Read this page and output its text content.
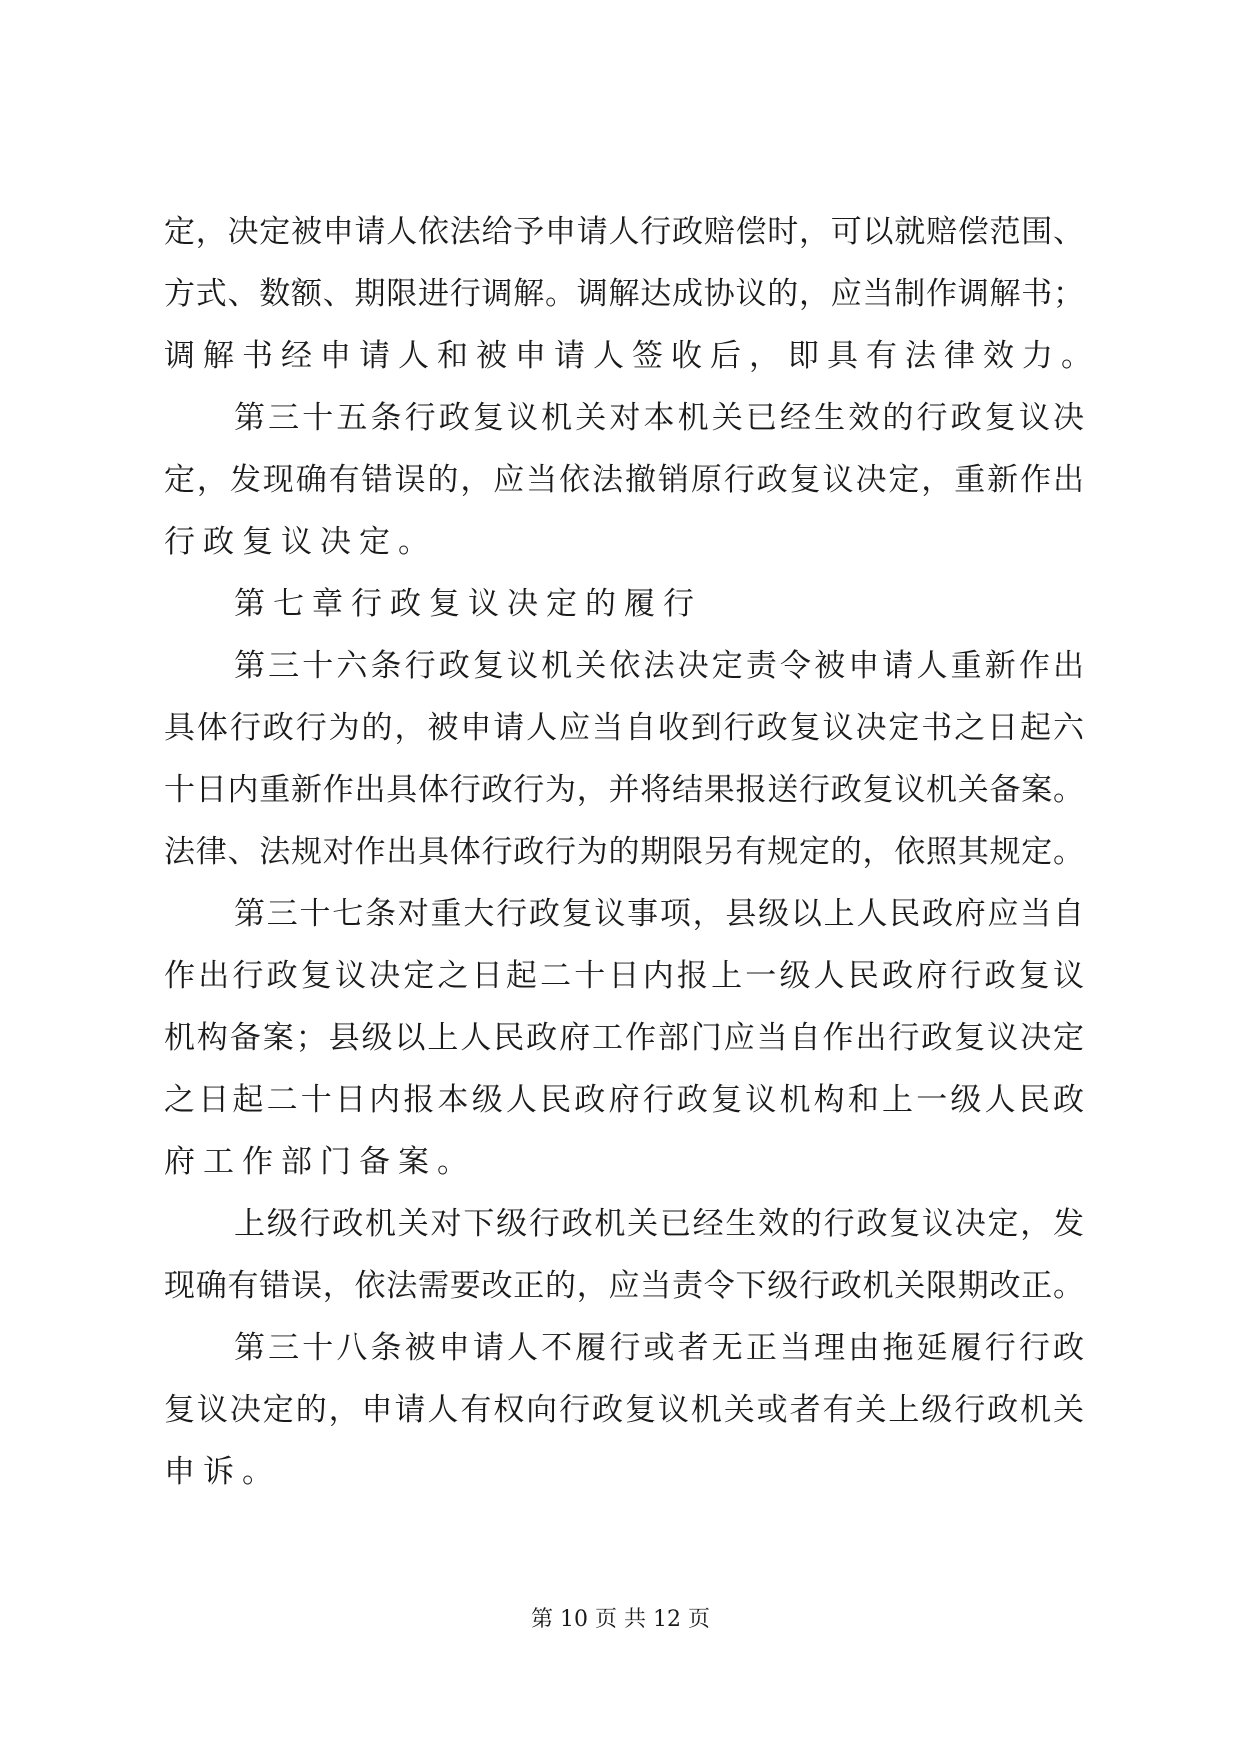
定，决定被申请人依法给予申请人行政赔偿时，可以就赔偿范围、
方式、数额、期限进行调解。调解达成协议的，应当制作调解书；
调解书经申请人和被申请人签收后，即具有法律效力。
第三十五条行政复议机关对本机关已经生效的行政复议决
定，发现确有错误的，应当依法撤销原行政复议决定，重新作出
行政复议决定。
第七章行政复议决定的履行
第三十六条行政复议机关依法决定责令被申请人重新作出
具体行政行为的，被申请人应当自收到行政复议决定书之日起六
十日内重新作出具体行政行为，并将结果报送行政复议机关备案。
法律、法规对作出具体行政行为的期限另有规定的，依照其规定。
第三十七条对重大行政复议事项，县级以上人民政府应当自
作出行政复议决定之日起二十日内报上一级人民政府行政复议
机构备案；县级以上人民政府工作部门应当自作出行政复议决定
之日起二十日内报本级人民政府行政复议机构和上一级人民政
府工作部门备案。
上级行政机关对下级行政机关已经生效的行政复议决定，发
现确有错误，依法需要改正的，应当责令下级行政机关限期改正。
第三十八条被申请人不履行或者无正当理由拖延履行行政
复议决定的，申请人有权向行政复议机关或者有关上级行政机关
申诉。
第 10 页 共 12 页
